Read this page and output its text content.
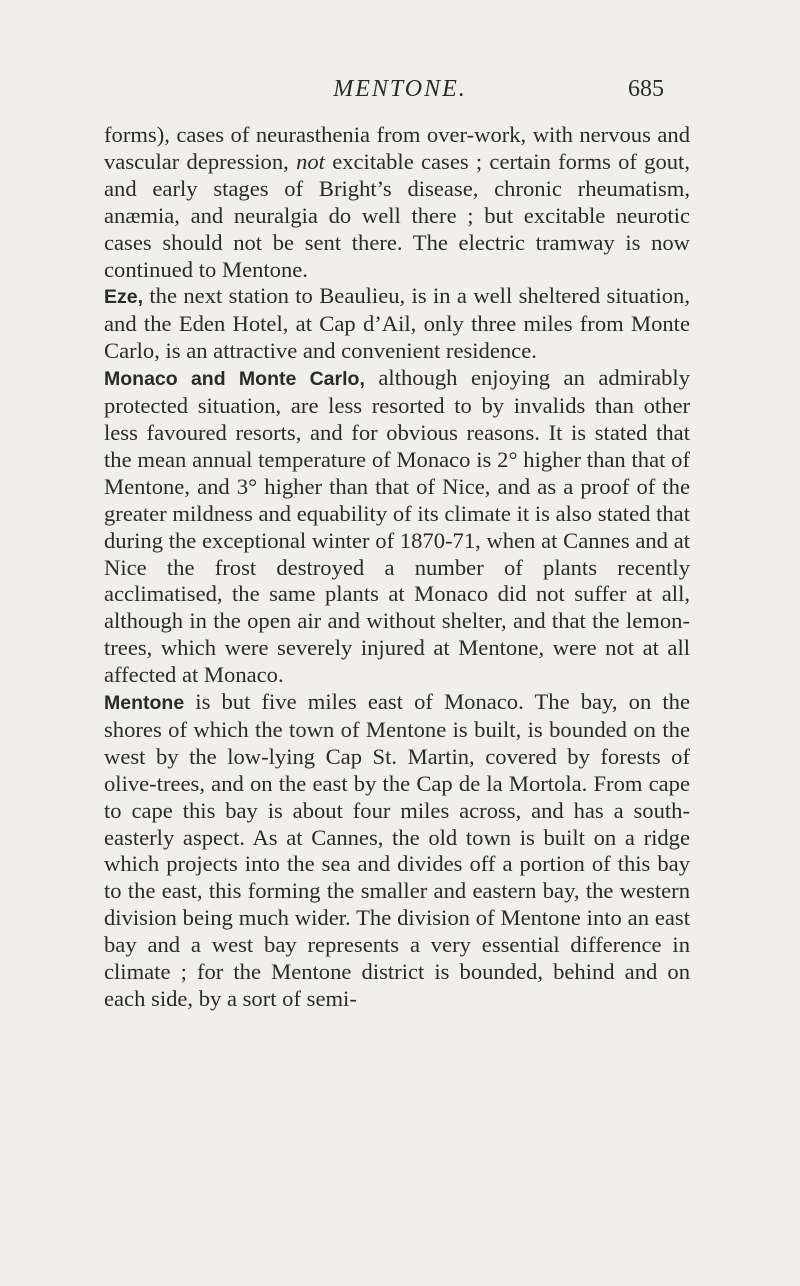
MENTONE.	685

forms), cases of neurasthenia from over-work, with nervous and vascular depression, not excitable cases ; certain forms of gout, and early stages of Bright’s disease, chronic rheumatism, anæmia, and neuralgia do well there ; but excitable neurotic cases should not be sent there. The electric tramway is now continued to Mentone.

Eze, the next station to Beaulieu, is in a well sheltered situation, and the Eden Hotel, at Cap d’Ail, only three miles from Monte Carlo, is an attractive and convenient residence.

Monaco and Monte Carlo, although enjoying an admirably protected situation, are less resorted to by invalids than other less favoured resorts, and for obvious reasons. It is stated that the mean annual temperature of Monaco is 2° higher than that of Mentone, and 3° higher than that of Nice, and as a proof of the greater mildness and equability of its climate it is also stated that during the exceptional winter of 1870-71, when at Cannes and at Nice the frost destroyed a number of plants recently acclimatised, the same plants at Monaco did not suffer at all, although in the open air and without shelter, and that the lemon-trees, which were severely injured at Mentone, were not at all affected at Monaco.

Mentone is but five miles east of Monaco. The bay, on the shores of which the town of Mentone is built, is bounded on the west by the low-lying Cap St. Martin, covered by forests of olive-trees, and on the east by the Cap de la Mortola. From cape to cape this bay is about four miles across, and has a south-easterly aspect. As at Cannes, the old town is built on a ridge which projects into the sea and divides off a portion of this bay to the east, this forming the smaller and eastern bay, the western division being much wider. The division of Mentone into an east bay and a west bay represents a very essential difference in climate ; for the Mentone district is bounded, behind and on each side, by a sort of semi-
